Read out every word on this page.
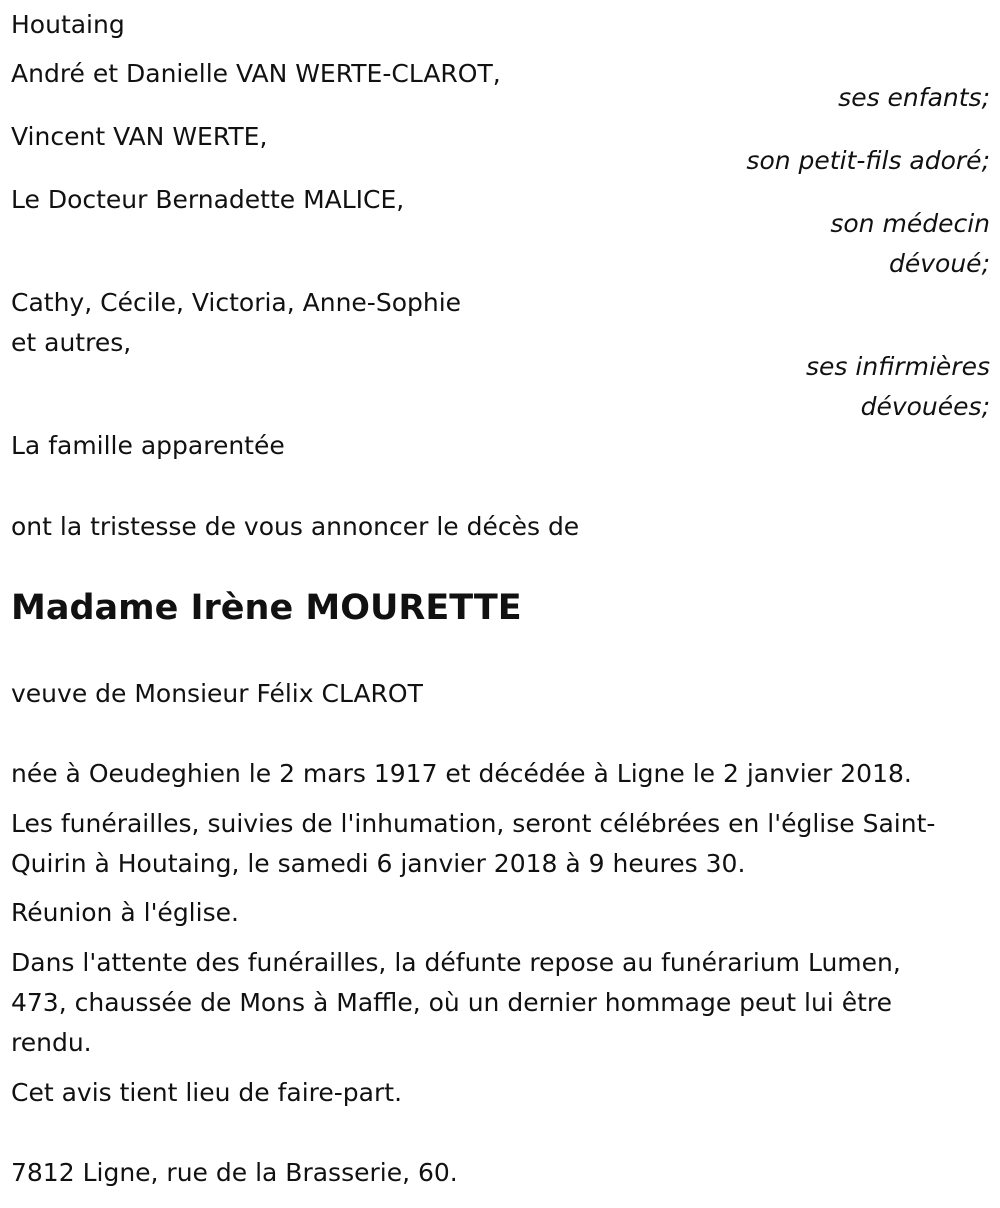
Houtaing
André et Danielle VAN WERTE-CLAROT,
ses enfants;
Vincent VAN WERTE,
son petit-fils adoré;
Le Docteur Bernadette MALICE,
son médecin
dévoué;
Cathy, Cécile, Victoria, Anne-Sophie
et autres,
ses infirmières
dévouées;
La famille apparentée
ont la tristesse de vous annoncer le décès de
Madame Irène MOURETTE
veuve de Monsieur Félix CLAROT
née à Oeudeghien le 2 mars 1917 et décédée à Ligne le 2 janvier 2018.
Les funérailles, suivies de l'inhumation, seront célébrées en l'église Saint-
Quirin à Houtaing, le samedi 6 janvier 2018 à 9 heures 30.
Réunion à l'église.
Dans l'attente des funérailles, la défunte repose au funérarium Lumen,
473, chaussée de Mons à Maffle, où un dernier hommage peut lui être
rendu.
Cet avis tient lieu de faire-part.
7812 Ligne, rue de la Brasserie, 60.
